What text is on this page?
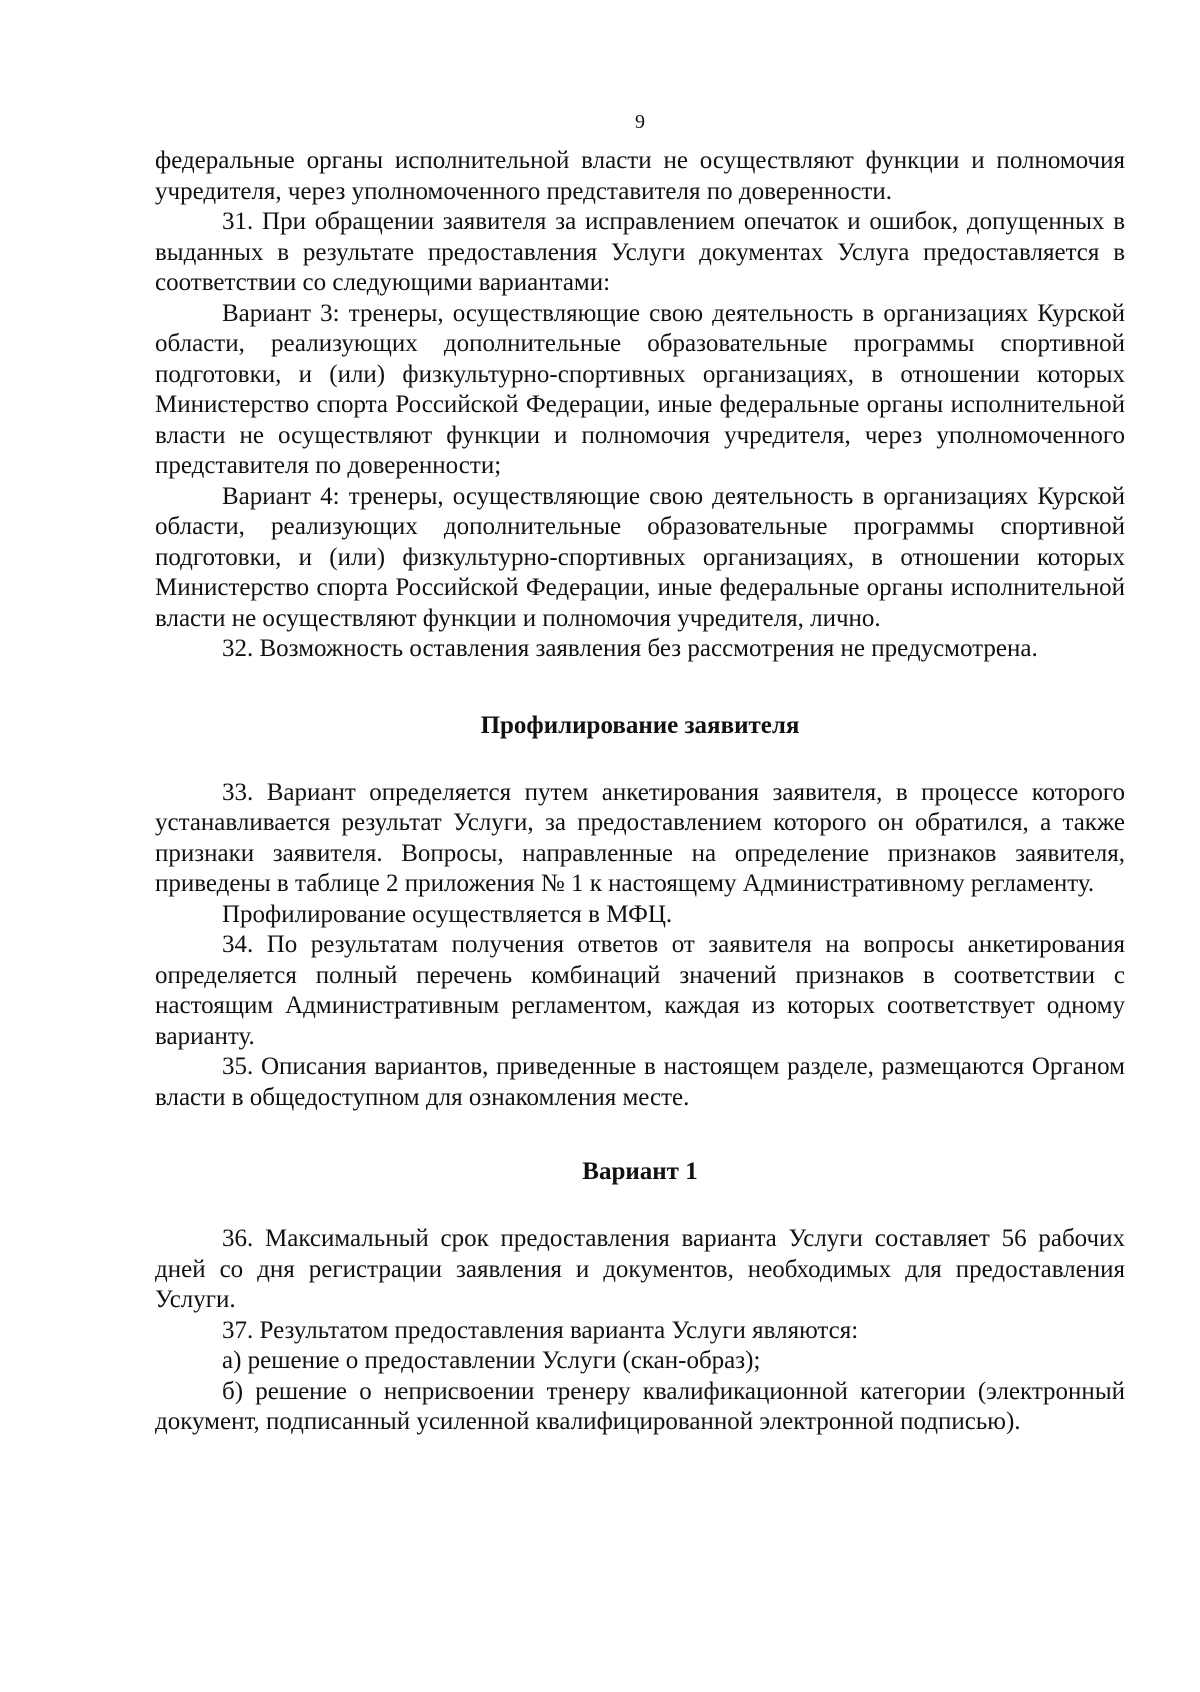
9

федеральные органы исполнительной власти не осуществляют функции и полномочия учредителя, через уполномоченного представителя по доверенности.

31. При обращении заявителя за исправлением опечаток и ошибок, допущенных в выданных в результате предоставления Услуги документах Услуга предоставляется в соответствии со следующими вариантами:

Вариант 3: тренеры, осуществляющие свою деятельность в организациях Курской области, реализующих дополнительные образовательные программы спортивной подготовки, и (или) физкультурно-спортивных организациях, в отношении которых Министерство спорта Российской Федерации, иные федеральные органы исполнительной власти не осуществляют функции и полномочия учредителя, через уполномоченного представителя по доверенности;

Вариант 4: тренеры, осуществляющие свою деятельность в организациях Курской области, реализующих дополнительные образовательные программы спортивной подготовки, и (или) физкультурно-спортивных организациях, в отношении которых Министерство спорта Российской Федерации, иные федеральные органы исполнительной власти не осуществляют функции и полномочия учредителя, лично.

32. Возможность оставления заявления без рассмотрения не предусмотрена.

Профилирование заявителя

33. Вариант определяется путем анкетирования заявителя, в процессе которого устанавливается результат Услуги, за предоставлением которого он обратился, а также признаки заявителя. Вопросы, направленные на определение признаков заявителя, приведены в таблице 2 приложения № 1 к настоящему Административному регламенту.

Профилирование осуществляется в МФЦ.

34. По результатам получения ответов от заявителя на вопросы анкетирования определяется полный перечень комбинаций значений признаков в соответствии с настоящим Административным регламентом, каждая из которых соответствует одному варианту.

35. Описания вариантов, приведенные в настоящем разделе, размещаются Органом власти в общедоступном для ознакомления месте.

Вариант 1

36. Максимальный срок предоставления варианта Услуги составляет 56 рабочих дней со дня регистрации заявления и документов, необходимых для предоставления Услуги.

37. Результатом предоставления варианта Услуги являются:

а) решение о предоставлении Услуги (скан-образ);

б) решение о неприсвоении тренеру квалификационной категории (электронный документ, подписанный усиленной квалифицированной электронной подписью).
